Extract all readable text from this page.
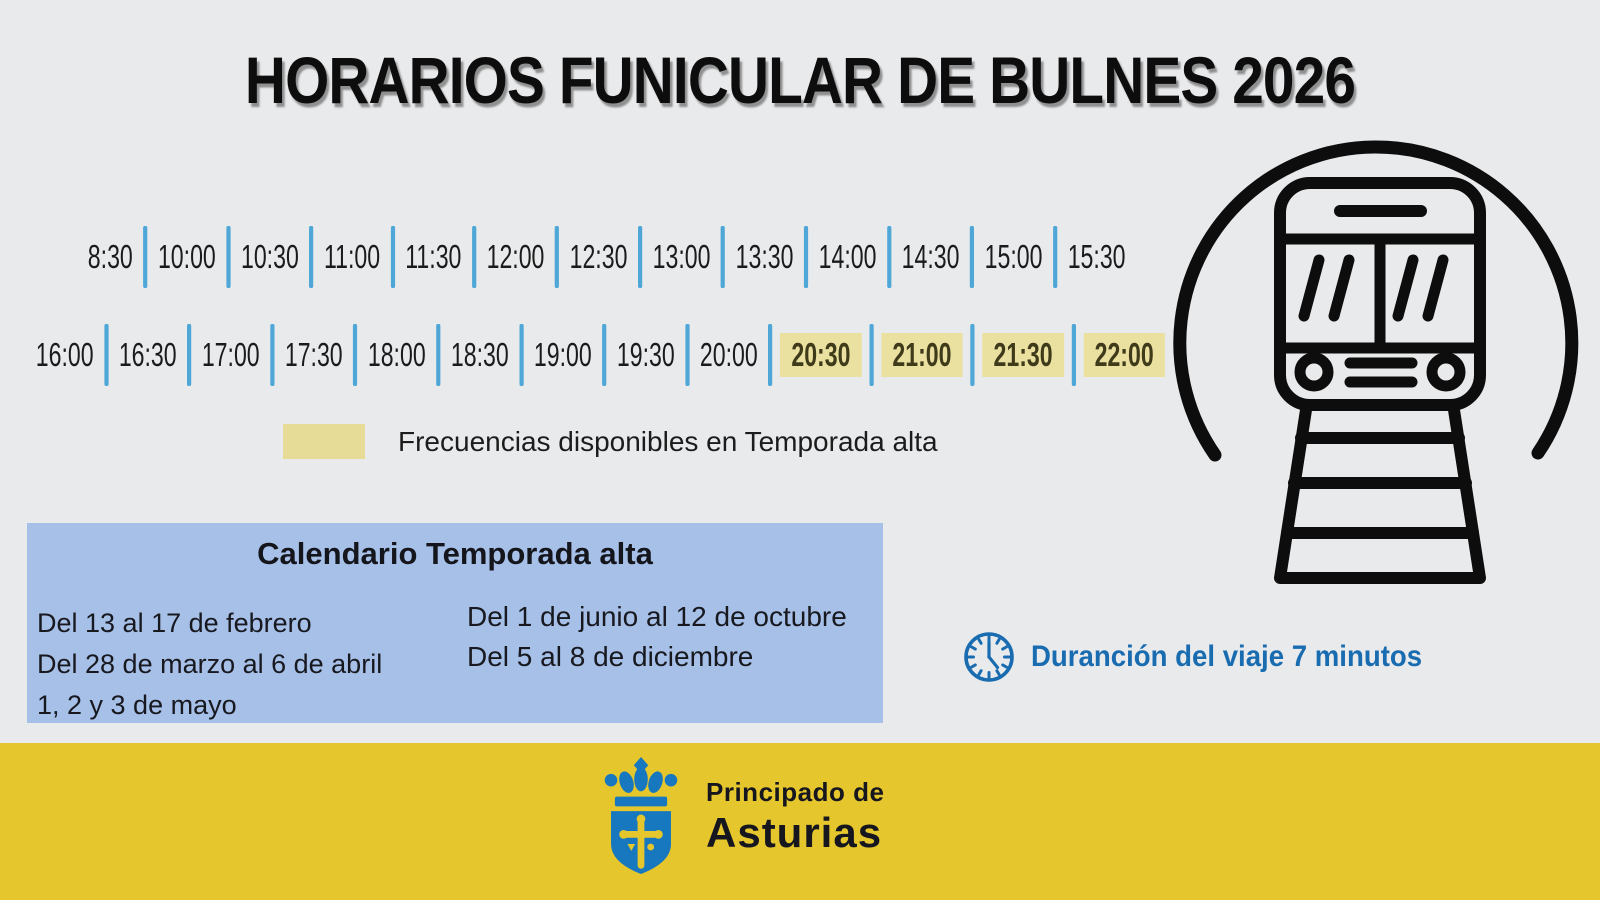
HORARIOS FUNICULAR DE BULNES 2026
8:30 10:00 10:30 11:00 11:30 12:00 12:30 13:00 13:30 14:00 14:30 15:00 15:30
16:00 16:30 17:00 17:30 18:00 18:30 19:00 19:30 20:00	20:30	21:00	21:30	22:00
Frecuencias disponibles en Temporada alta
Calendario Temporada alta
Del 13 al 17 de febrero
Del 28 de marzo al 6 de abril
1, 2 y 3 de mayo
Del 1 de junio al 12 de octubre
Del 5 al 8 de diciembre	Duranción del viaje 7 minutos
Principado de
Asturias
